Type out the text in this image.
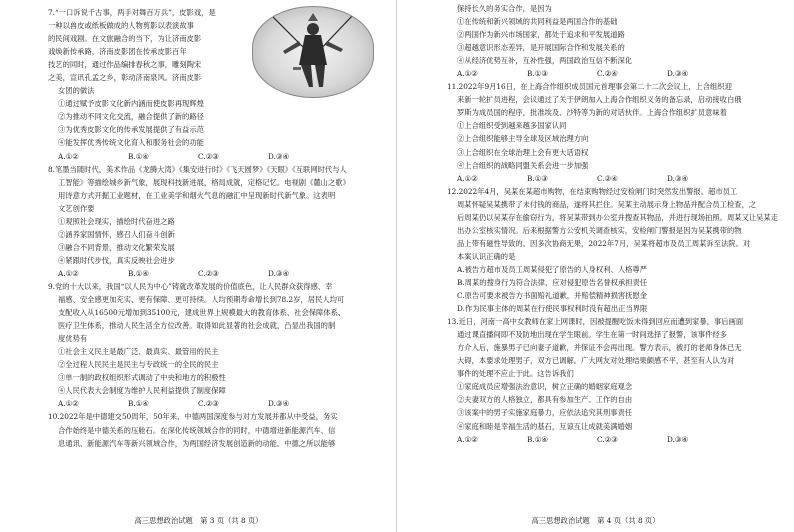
7.“一口诉说千古事，两手对舞百万兵”，皮影戏，是
一种以兽皮或纸板做成的人物剪影以表演故事
的民间戏剧。在文旅融合的当下，为让济南皮影
戏焕新传承路，济南皮影团在传承皮影百年
技艺的同时，通过作品编排春秋之事，雕刻陶宋
之美，宣讯孔孟之乡，彰动济南泉风。济南皮影
女团的做法
①通过赋予皮影文化新内涵而使皮影再现辉煌
②为推动不同文化交流，融合提供了新的路径
③为优秀皮影文化的传承发展提供了有益示范
④能发挥优秀传统文化育人和服务社会的功能
A.①②	B.①④	C.②③	D.③④
8.笔墨当随时代，美术作品《龙腾大湾》《集安进行时》《飞天圆梦》《天眼》《互联网时代与人
工智能》等描绘城乡新气象，展现科技新进展，格局成就，定格记忆。电视剧《麓山之歌》
用诗意方式开掘工业题材，在工业美学和烟火气息的融汇中呈现新时代新气象。这表明
文艺创作要
①观照社会现实，描绘时代奋进之路
②涵养家国情怀，感召人们奋斗创新
③融合不同背景，推动文化繁荣发展
④紧跟时代步伐，真实反映社会进步
A.①②	B.①④	C.②③	D.③④
9.党的十大以来，我国“以人民为中心”铸就改革发展的价值底色，让人民群众获得感、幸
福感、安全感更加充实、更有保障、更可持续。人均预期寿命增长到78.2岁，居民人均可
支配收入从16500元增加到35100元，建成世界上规模最大的教育体系、社会保障体系、
医疗卫生体系，推动人民生活全方位改善。取得如此显著的社会成就，凸显出我国的制
度优势有
①社会主义民主是最广泛、最真实、最管用的民主
②全过程人民民主是民主与专政统一的全民的民主
③单一制的政权组织形式调动了中央和地方的积极性
④人民代表大会制度为维护人民利益提供了制度保障
A.①②	B.①④	C.②③	D.③④
10.2022年是中德建交50周年，50年来，中德两国深度参与对方发展并都从中受益，务实
合作始终是中德关系的压舱石。在深化传统领域合作的同时，中德增进新能源汽车、信
息通讯、新能源汽车等新兴领域合作，为两国经济发展创造新的动能。中德之所以能够
高三思想政治试题　第 3 页（共 8 页）
保持长久的务实合作，是因为
①在传统和新兴领域的共同利益是两国合作的基础
②两国作为新兴市场国家，都处于追求和平发展道路
③超越意识形态差异，是开展国际合作和发展关系的
④从经济优势互补，互补性强，两国政治互信不断深化
A.①②	B.①③	C.②④	D.③④
11.2022年9月16日，在上海合作组织成员国元首理事会第二十二次会议上，上合组织迎
来新一轮扩员进程，会议通过了关于伊朗加入上海合作组织义务的备忘录，启动接收白俄
罗斯为成员国的程序，批准埃及、沙特等为新的对话伙伴。上海合作组织扩员意味着
①上合组织受到越来越多国家认同
②上合组织能够主导全球及区域治理方向
③上合组织在全球治理上会有更大话语权
④上合组织的战略同盟关系会进一步加强
A.①②	B.①③	C.②④	D.③④
12.2022年4月，吴某在某超市购物，在结束购物经过安检闸门时突然发出警报。超市员工
周某怀疑吴某携带了未付钱的商品，遂将其拦住。吴某主动展示身上物品并配合员工检查，之
后周某仍以吴某存在偷窃行为，将吴某带到办公室并搜查其物品，并进行现场拍照。周某又让吴某走
出办公室核实情况。后来根据警方公安机关调查核实，安检闸门警报是因为吴某携带的物
品上带有磁性导致的。因多次协商无果，2022年7月，吴某将超市及员工周某诉至法院。对
本案认识正确的是
A.被告方超市及员工周某侵犯了原告的人身权利、人格尊严
B.周某的搜身行为符合法律，应对侵犯原告名誉权承担责任
C.原告可要求被告方书面赔礼道歉，并赔偿精神损害抚慰金
D.作为民事主体的周某在行使民事权利时没有超出正当界限
13.近日，河南一高中女教师在家上网课时，因被提醒吃饭未得到回应而遭到家暴，事后画面
通过课直播间即不及防地出现在学生眼前。学生在第一时间选择了报警，该事件经多
方介入后，施暴男子已向妻子道歉，并保证不会再出现。警方表示，被打的老师身体已无
大碍，本要求处理男子，双方已调解。广大网友对处理结果颇感不平，甚至有人认为对
事件的处理不应止于此。这告诉我们
①家庭成员应增强法治意识，树立正确的婚姻家庭观念
②夫妻双方的人格独立，都具有参加生产、工作的自由
③该案中的男子实施家庭暴力，应依法追究其刑事责任
④家庭和睦是幸福生活的基石，互谅互让成就美满婚姻
A.①②	B.①④	C.②③	D.③④
高三思想政治试题　第 4 页（共 8 页）
